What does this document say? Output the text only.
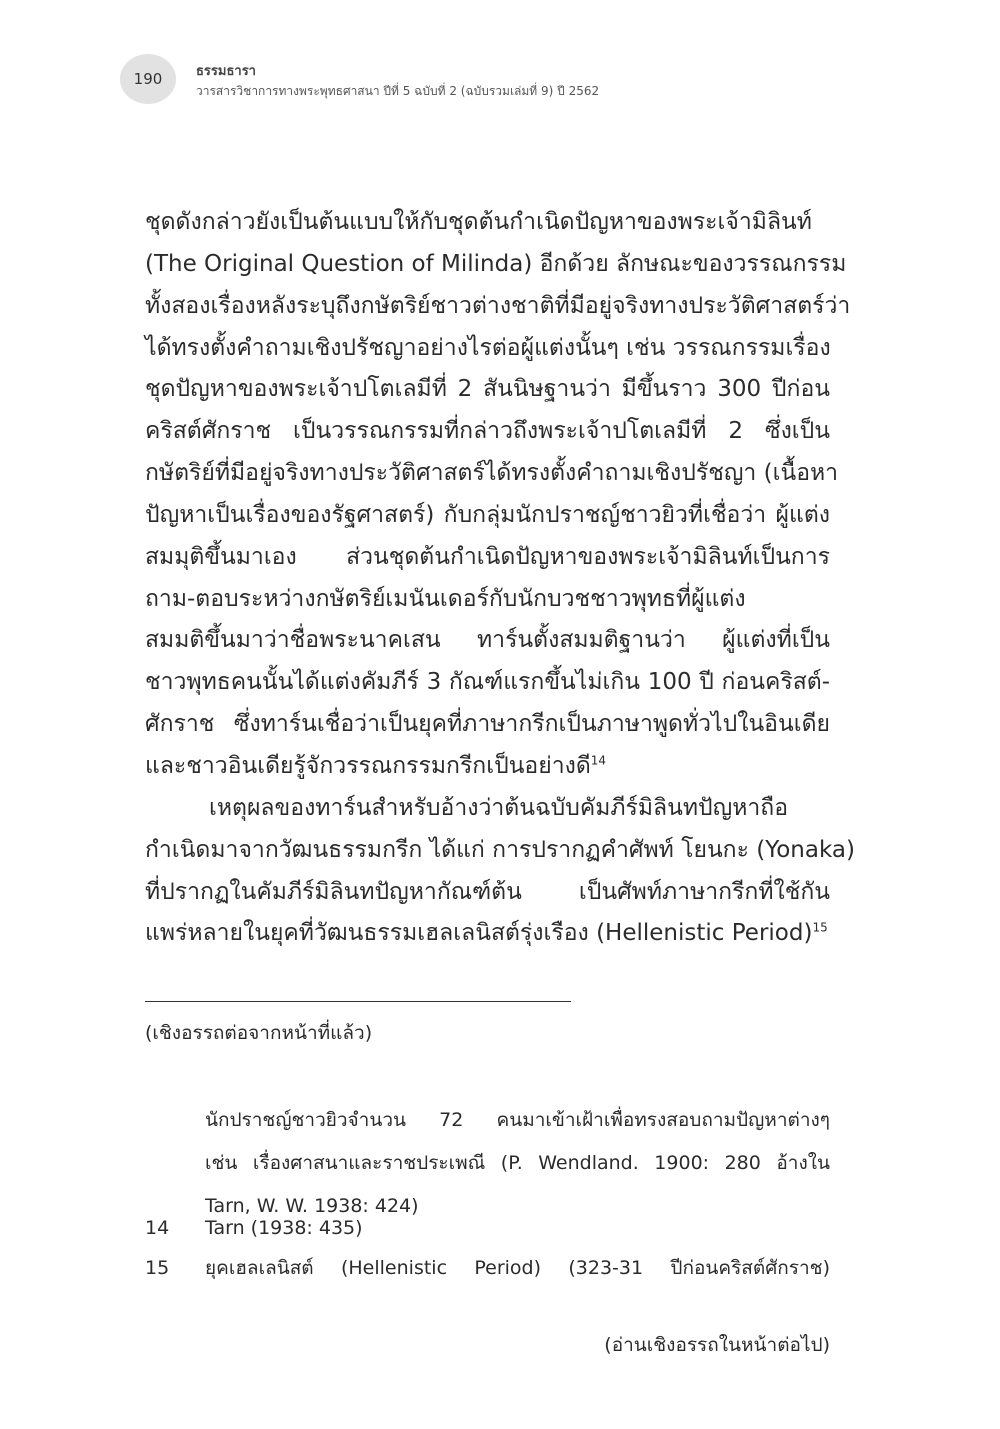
190	ธรรมธารา
วารสารวิชาการทางพระพุทธศาสนา ปีที่ 5 ฉบับที่ 2 (ฉบับรวมเล่มที่ 9) ปี 2562
ชุดดังกล่าวยังเป็นต้นแบบให้กับชุดต้นกำเนิดปัญหาของพระเจ้ามิลินท์
(The Original Question of Milinda) อีกด้วย ลักษณะของวรรณกรรม
ทั้งสองเรื่องหลังระบุถึงกษัตริย์ชาวต่างชาติที่มีอยู่จริงทางประวัติศาสตร์ว่า
ได้ทรงตั้งคำถามเชิงปรัชญาอย่างไรต่อผู้แต่งนั้นๆ เช่น วรรณกรรมเรื่อง
ชุดปัญหาของพระเจ้าปโตเลมีที่ 2 สันนิษฐานว่า มีขึ้นราว 300 ปีก่อน
คริสต์ศักราช เป็นวรรณกรรมที่กล่าวถึงพระเจ้าปโตเลมีที่ 2 ซึ่งเป็น
กษัตริย์ที่มีอยู่จริงทางประวัติศาสตร์ได้ทรงตั้งคำถามเชิงปรัชญา (เนื้อหา
ปัญหาเป็นเรื่องของรัฐศาสตร์) กับกลุ่มนักปราชญ์ชาวยิวที่เชื่อว่า ผู้แต่ง
สมมุติขึ้นมาเอง ส่วนชุดต้นกำเนิดปัญหาของพระเจ้ามิลินท์เป็นการ
ถาม-ตอบระหว่างกษัตริย์เมนันเดอร์กับนักบวชชาวพุทธที่ผู้แต่ง
สมมติขึ้นมาว่าชื่อพระนาคเสน ทาร์นตั้งสมมติฐานว่า ผู้แต่งที่เป็น
ชาวพุทธคนนั้นได้แต่งคัมภีร์ 3 กัณฑ์แรกขึ้นไม่เกิน 100 ปี ก่อนคริสต์-
ศักราช ซึ่งทาร์นเชื่อว่าเป็นยุคที่ภาษากรีกเป็นภาษาพูดทั่วไปในอินเดีย
และชาวอินเดียรู้จักวรรณกรรมกรีกเป็นอย่างดี$^{14}$
เหตุผลของทาร์นสำหรับอ้างว่าต้นฉบับคัมภีร์มิลินทปัญหาถือ
กำเนิดมาจากวัฒนธรรมกรีก ได้แก่ การปรากฏคำศัพท์ โยนกะ (Yonaka)
ที่ปรากฏในคัมภีร์มิลินทปัญหากัณฑ์ต้น เป็นศัพท์ภาษากรีกที่ใช้กัน
แพร่หลายในยุคที่วัฒนธรรมเฮลเลนิสต์รุ่งเรือง (Hellenistic Period)$^{15}$
(เชิงอรรถต่อจากหน้าที่แล้ว)
นักปราชญ์ชาวยิวจำนวน 72 คนมาเข้าเฝ้าเพื่อทรงสอบถามปัญหาต่างๆ
เช่น เรื่องศาสนาและราชประเพณี (P. Wendland. 1900: 280 อ้างใน
Tarn, W. W. 1938: 424)
14 Tarn (1938: 435)
15 ยุคเฮลเลนิสต์ (Hellenistic Period) (323-31 ปีก่อนคริสต์ศักราช)
(อ่านเชิงอรรถในหน้าต่อไป)
